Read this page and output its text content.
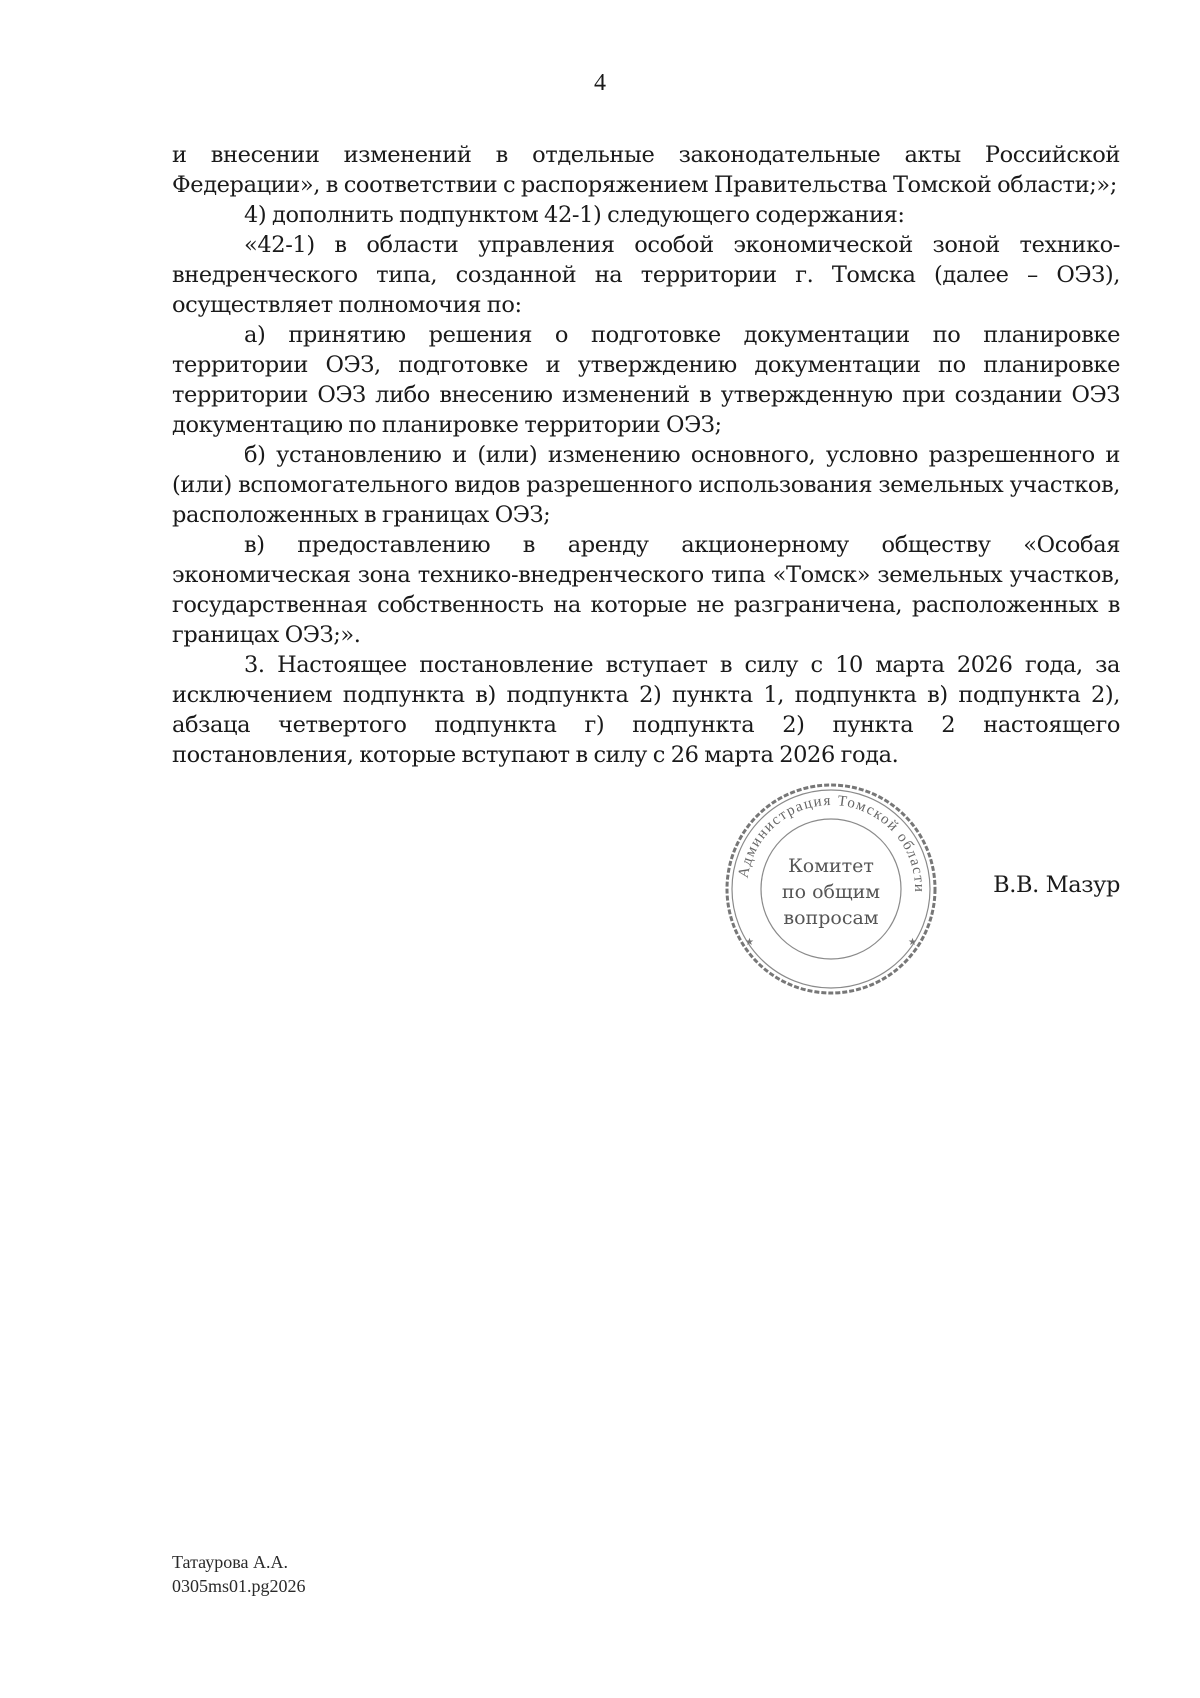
4

и внесении изменений в отдельные законодательные акты Российской Федерации», в соответствии с распоряжением Правительства Томской области;»;

4) дополнить подпунктом 42-1) следующего содержания:

«42-1) в области управления особой экономической зоной технико-внедренческого типа, созданной на территории г. Томска (далее – ОЭЗ), осуществляет полномочия по:

а) принятию решения о подготовке документации по планировке территории ОЭЗ, подготовке и утверждению документации по планировке территории ОЭЗ либо внесению изменений в утвержденную при создании ОЭЗ документацию по планировке территории ОЭЗ;

б) установлению и (или) изменению основного, условно разрешенного и (или) вспомогательного видов разрешенного использования земельных участков, расположенных в границах ОЭЗ;

в) предоставлению в аренду акционерному обществу «Особая экономическая зона технико-внедренческого типа «Томск» земельных участков, государственная собственность на которые не разграничена, расположенных в границах ОЭЗ;».

3. Настоящее постановление вступает в силу с 10 марта 2026 года, за исключением подпункта в) подпункта 2) пункта 1, подпункта в) подпункта 2), абзаца четвертого подпункта г) подпункта 2) пункта 2 настоящего постановления, которые вступают в силу с 26 марта 2026 года.

Администрация Томской области
★	★
Комитет
по общим
вопросам
В.В. Мазур
Татаурова А.А.
0305ms01.pg2026
